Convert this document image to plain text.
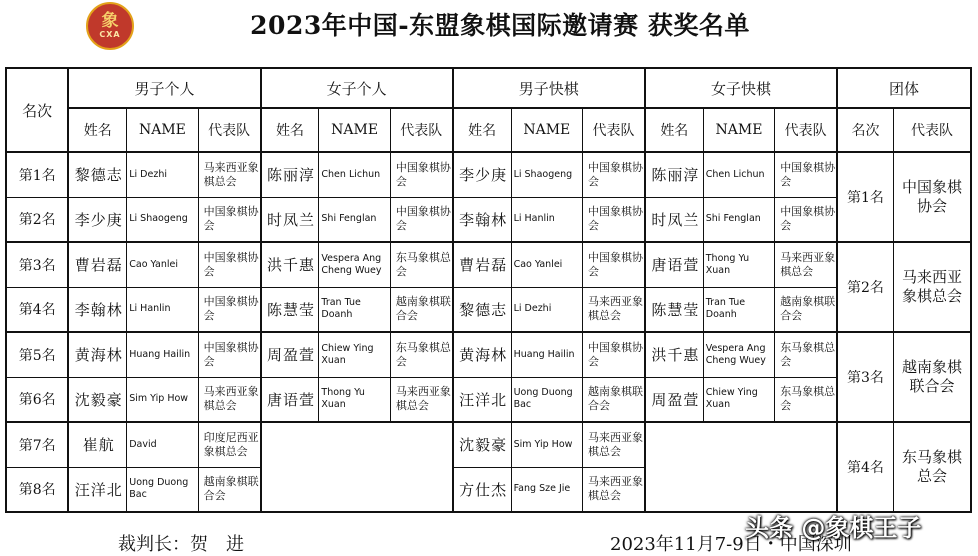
象
CXA	2023年中国-东盟象棋国际邀请赛 获奖名单
名次	男子个人			女子个人			男子快棋			女子快棋			团体	
	姓名	NAME	代表队	姓名	NAME	代表队	姓名	NAME	代表队	姓名	NAME	代表队	名次	代表队
第1名	黎德志	Li Dezhi	马来西亚象棋总会	陈丽淳	Chen Lichun	中国象棋协会	李少庚	Li Shaogeng	中国象棋协会	陈丽淳	Chen Lichun	中国象棋协会	第1名	中国象棋协会
第2名	李少庚	Li Shaogeng	中国象棋协会	时凤兰	Shi Fenglan	中国象棋协会	李翰林	Li Hanlin	中国象棋协会	时凤兰	Shi Fenglan	中国象棋协会		
第3名	曹岩磊	Cao Yanlei	中国象棋协会	洪千惠	Vespera Ang Cheng Wuey	东马象棋总会	曹岩磊	Cao Yanlei	中国象棋协会	唐语萱	Thong Yu Xuan	马来西亚象棋总会	第2名	马来西亚象棋总会
第4名	李翰林	Li Hanlin	中国象棋协会	陈慧莹	Tran Tue Doanh	越南象棋联合会	黎德志	Li Dezhi	马来西亚象棋总会	陈慧莹	Tran Tue Doanh	越南象棋联合会		
第5名	黄海林	Huang Hailin	中国象棋协会	周盈萱	Chiew Ying Xuan	东马象棋总会	黄海林	Huang Hailin	中国象棋协会	洪千惠	Vespera Ang Cheng Wuey	东马象棋总会	第3名	越南象棋联合会
第6名	沈毅豪	Sim Yip How	马来西亚象棋总会	唐语萱	Thong Yu Xuan	马来西亚象棋总会	汪洋北	Uong Duong Bac	越南象棋联合会	周盈萱	Chiew Ying Xuan	东马象棋总会		
第7名	崔航	David	印度尼西亚象棋总会				沈毅豪	Sim Yip How	马来西亚象棋总会				第4名	东马象棋总会
第8名	汪洋北	Uong Duong Bac	越南象棋联合会				方仕杰	Fang Sze Jie	马来西亚象棋总会					
裁判长：贺　进	2023年11月7-9日・中国深圳
头条 @象棋王子
